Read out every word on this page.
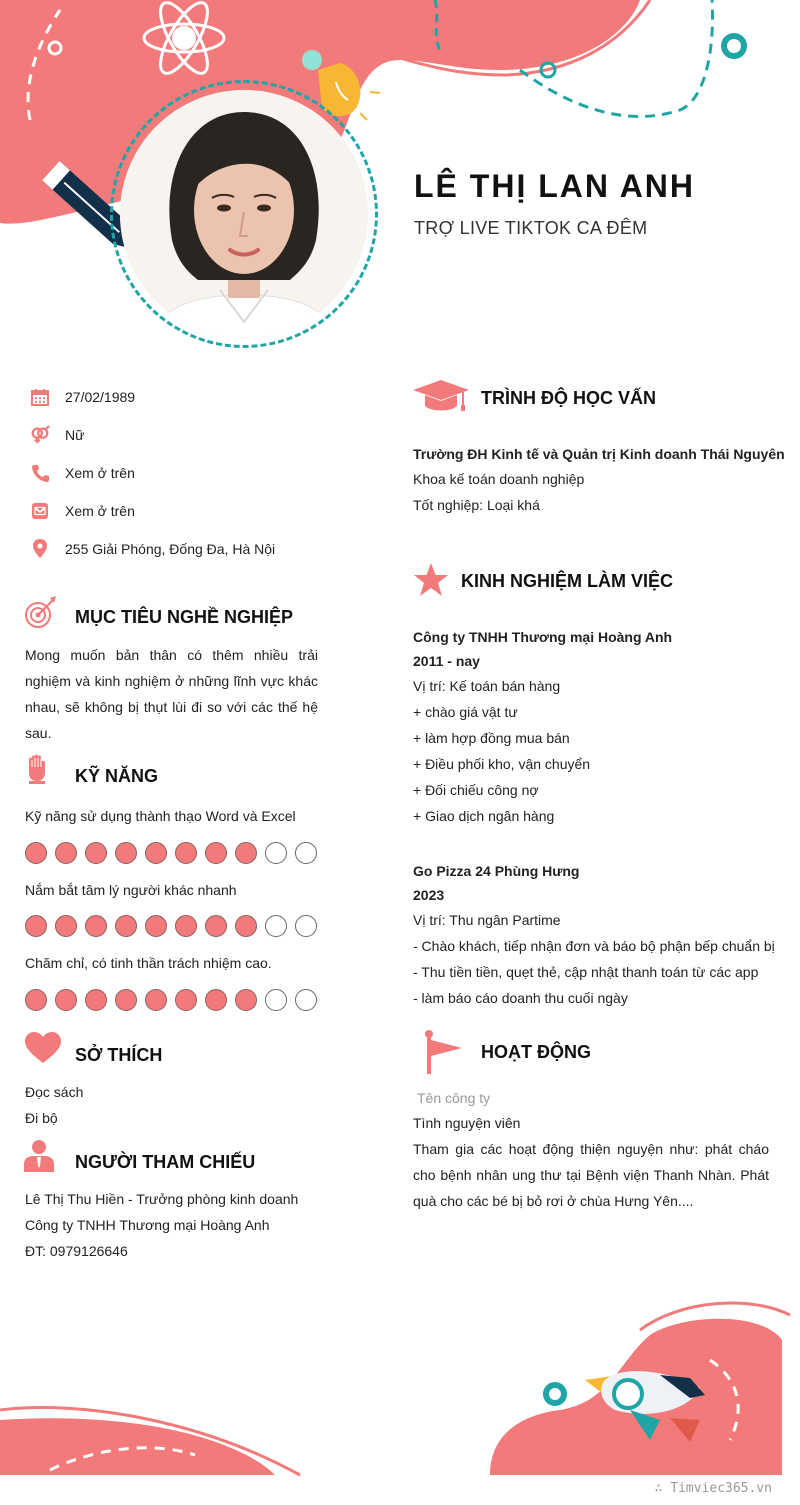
LÊ THỊ LAN ANH
TRỢ LIVE TIKTOK CA ĐÊM
27/02/1989
Nữ
Xem ở trên
Xem ở trên
255 Giải Phóng, Đống Đa, Hà Nội
MỤC TIÊU NGHỀ NGHIỆP
Mong muốn bản thân có thêm nhiều trải nghiệm và kinh nghiệm ở những lĩnh vực khác nhau, sẽ không bị thụt lùi đi so với các thế hệ sau.
KỸ NĂNG
Kỹ năng sử dụng thành thạo Word và Excel
Nắm bắt tâm lý người khác nhanh
Chăm chỉ, có tinh thần trách nhiệm cao.
SỞ THÍCH
Đọc sách
Đi bộ
NGƯỜI THAM CHIẾU
Lê Thị Thu Hiền - Trưởng phòng kinh doanh
Công ty TNHH Thương mại Hoàng Anh
ĐT: 0979126646
TRÌNH ĐỘ HỌC VẤN
Trường ĐH Kinh tế và Quản trị Kinh doanh Thái Nguyên
Khoa kế toán doanh nghiệp
Tốt nghiệp: Loại khá
KINH NGHIỆM LÀM VIỆC
Công ty TNHH Thương mại Hoàng Anh
2011 - nay
Vị trí: Kế toán bán hàng
+ chào giá vật tư
+ làm hợp đồng mua bán
+ Điều phối kho, vận chuyển
+ Đối chiếu công nợ
+ Giao dịch ngân hàng
Go Pizza 24 Phùng Hưng
2023
Vị trí: Thu ngân Partime
- Chào khách, tiếp nhận đơn và báo bộ phận bếp chuẩn bị
- Thu tiền tiền, quẹt thẻ, cập nhật thanh toán từ các app
- làm báo cáo doanh thu cuối ngày
HOẠT ĐỘNG
Tên công ty
Tình nguyện viên
Tham gia các hoạt động thiện nguyện như: phát cháo cho bệnh nhân ung thư tại Bệnh viện Thanh Nhàn. Phát quà cho các bé bị bỏ rơi ở chùa Hưng Yên....
∴ Timviec365.vn
